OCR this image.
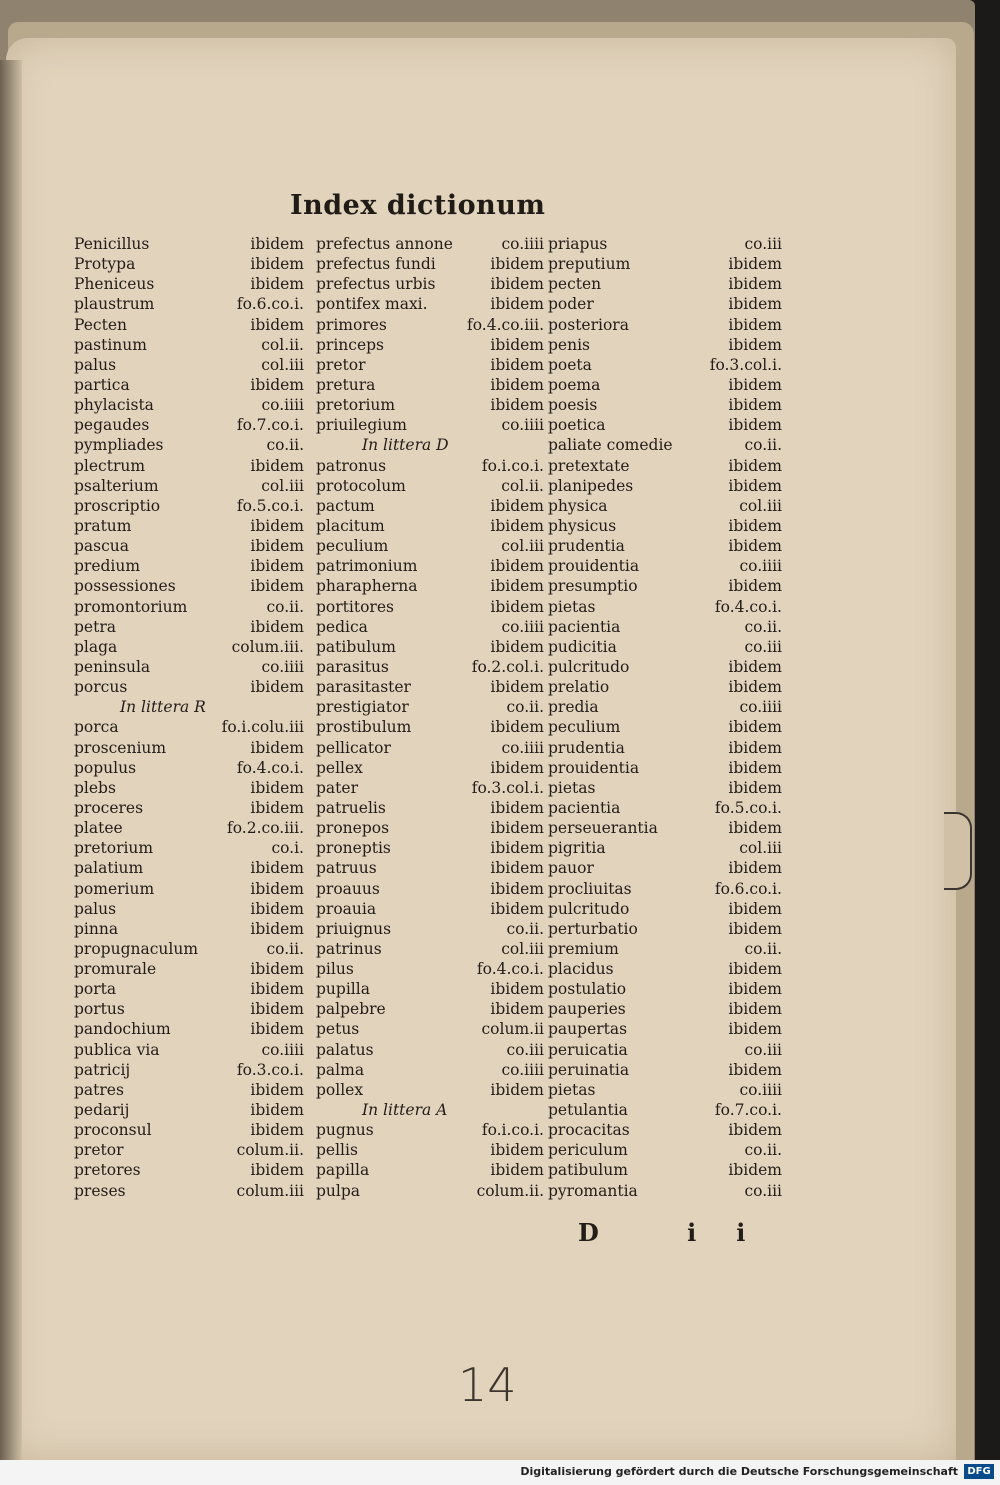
Index dictionum
Penicillus	ibidem
Protypa	ibidem
Pheniceus	ibidem
plaustrum	fo.6.co.i.
Pecten	ibidem
pastinum	col.ii.
palus	col.iii
partica	ibidem
phylacista	co.iiii
pegaudes	fo.7.co.i.
pympliades	co.ii.
plectrum	ibidem
psalterium	col.iii
proscriptio	fo.5.co.i.
pratum	ibidem
pascua	ibidem
predium	ibidem
possessiones	ibidem
promontorium	co.ii.
petra	ibidem
plaga	colum.iii.
peninsula	co.iiii
porcus	ibidem
In littera R
porca	fo.i.colu.iii
proscenium	ibidem
populus	fo.4.co.i.
plebs	ibidem
proceres	ibidem
platee	fo.2.co.iii.
pretorium	co.i.
palatium	ibidem
pomerium	ibidem
palus	ibidem
pinna	ibidem
propugnaculum	co.ii.
promurale	ibidem
porta	ibidem
portus	ibidem
pandochium	ibidem
publica via	co.iiii
patricij	fo.3.co.i.
patres	ibidem
pedarij	ibidem
proconsul	ibidem
pretor	colum.ii.
pretores	ibidem
preses	colum.iii
prefectus annone	co.iiii
prefectus fundi	ibidem
prefectus urbis	ibidem
pontifex maxi.	ibidem
primores	fo.4.co.iii.
princeps	ibidem
pretor	ibidem
pretura	ibidem
pretorium	ibidem
priuilegium	co.iiii
In littera D
patronus	fo.i.co.i.
protocolum	col.ii.
pactum	ibidem
placitum	ibidem
peculium	col.iii
patrimonium	ibidem
pharapherna	ibidem
portitores	ibidem
pedica	co.iiii
patibulum	ibidem
parasitus	fo.2.col.i.
parasitaster	ibidem
prestigiator	co.ii.
prostibulum	ibidem
pellicator	co.iiii
pellex	ibidem
pater	fo.3.col.i.
patruelis	ibidem
pronepos	ibidem
proneptis	ibidem
patruus	ibidem
proauus	ibidem
proauia	ibidem
priuignus	co.ii.
patrinus	col.iii
pilus	fo.4.co.i.
pupilla	ibidem
palpebre	ibidem
petus	colum.ii
palatus	co.iii
palma	co.iiii
pollex	ibidem
In littera A
pugnus	fo.i.co.i.
pellis	ibidem
papilla	ibidem
pulpa	colum.ii.
priapus	co.iii
preputium	ibidem
pecten	ibidem
poder	ibidem
posteriora	ibidem
penis	ibidem
poeta	fo.3.col.i.
poema	ibidem
poesis	ibidem
poetica	ibidem
paliate comedie	co.ii.
pretextate	ibidem
planipedes	ibidem
physica	col.iii
physicus	ibidem
prudentia	ibidem
prouidentia	co.iiii
presumptio	ibidem
pietas	fo.4.co.i.
pacientia	co.ii.
pudicitia	co.iii
pulcritudo	ibidem
prelatio	ibidem
predia	co.iiii
peculium	ibidem
prudentia	ibidem
prouidentia	ibidem
pietas	ibidem
pacientia	fo.5.co.i.
perseuerantia	ibidem
pigritia	col.iii
pauor	ibidem
procliuitas	fo.6.co.i.
pulcritudo	ibidem
perturbatio	ibidem
premium	co.ii.
placidus	ibidem
postulatio	ibidem
pauperies	ibidem
paupertas	ibidem
peruicatia	co.iii
peruinatia	ibidem
pietas	co.iiii
petulantia	fo.7.co.i.
procacitas	ibidem
periculum	co.ii.
patibulum	ibidem
pyromantia	co.iii
D ii
14
Digitalisierung gefördert durch die Deutsche Forschungsgemeinschaft DFG
